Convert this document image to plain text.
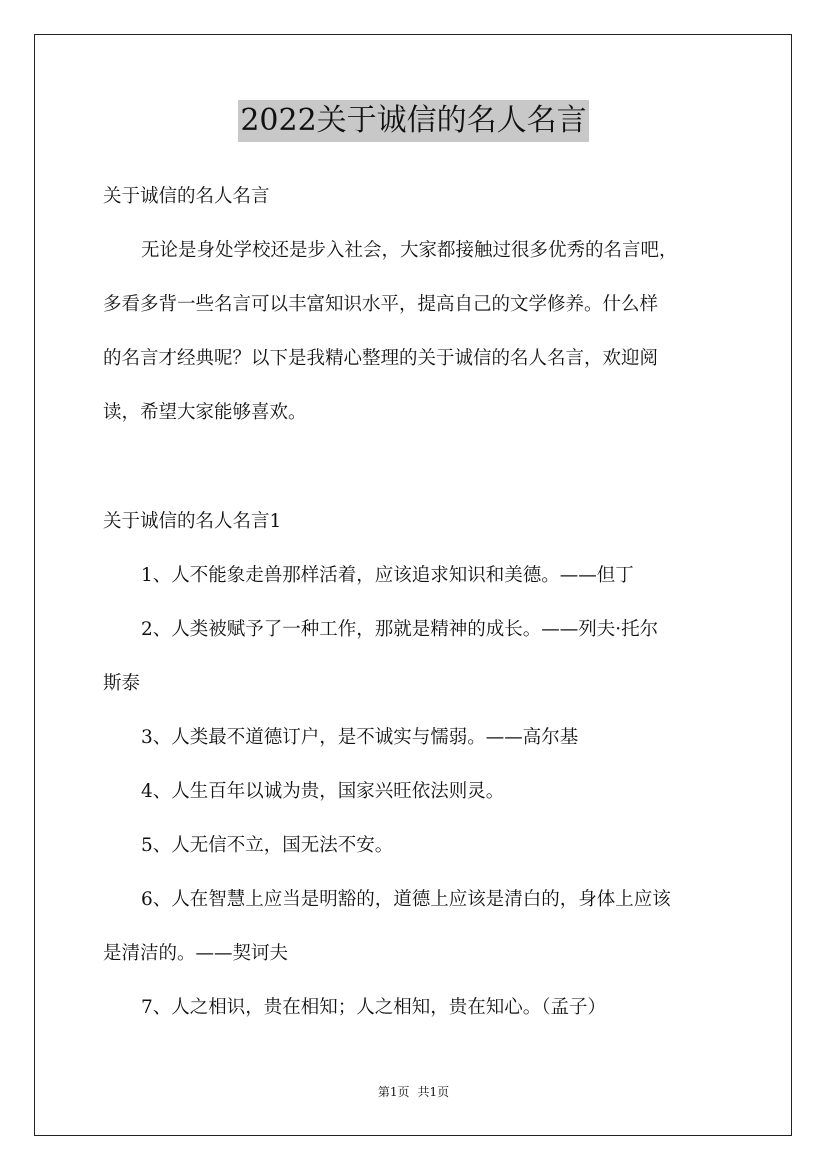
2022关于诚信的名人名言

关于诚信的名人名言

无论是身处学校还是步入社会，大家都接触过很多优秀的名言吧，

多看多背一些名言可以丰富知识水平，提高自己的文学修养。什么样

的名言才经典呢？以下是我精心整理的关于诚信的名人名言，欢迎阅

读，希望大家能够喜欢。

关于诚信的名人名言1

1、人不能象走兽那样活着，应该追求知识和美德。——但丁

2、人类被赋予了一种工作，那就是精神的成长。——列夫·托尔

斯泰

3、人类最不道德订户，是不诚实与懦弱。——高尔基

4、人生百年以诚为贵，国家兴旺依法则灵。

5、人无信不立，国无法不安。

6、人在智慧上应当是明豁的，道德上应该是清白的，身体上应该

是清洁的。——契诃夫

7、人之相识，贵在相知；人之相知，贵在知心。（孟子）

第1页 共1页
